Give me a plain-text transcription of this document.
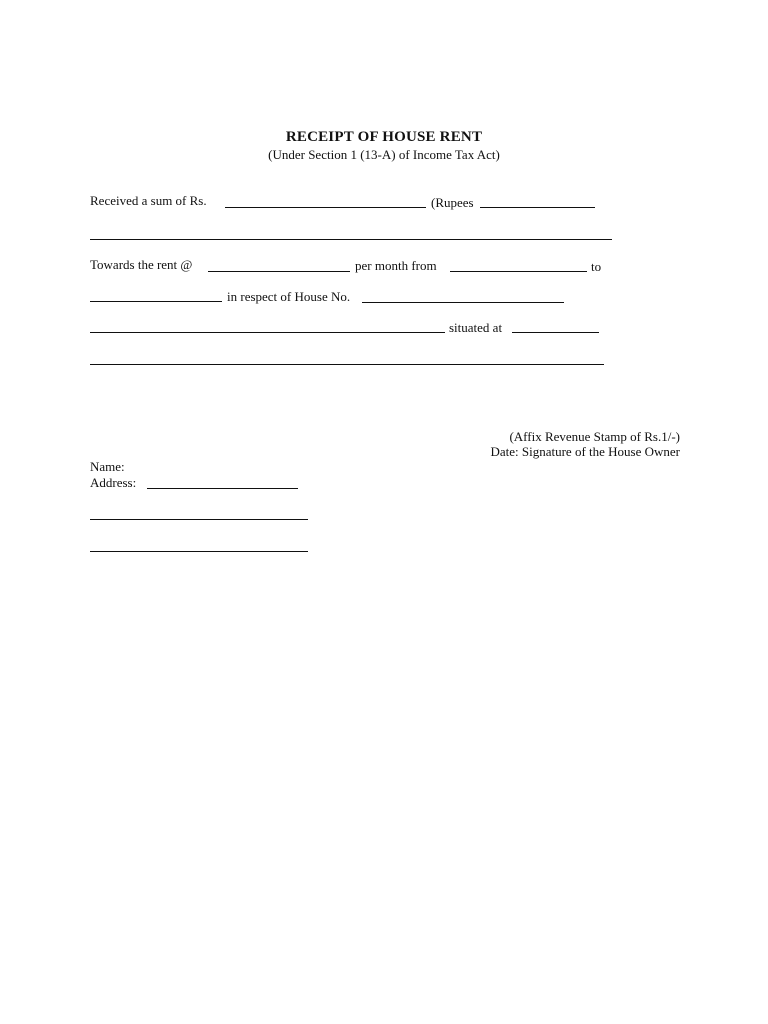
RECEIPT OF HOUSE RENT
(Under Section 1 (13-A) of Income Tax Act)
Received a sum of Rs.	(Rupees
Towards the rent @	per month from	to
in respect of House No.
situated at
(Affix Revenue Stamp of Rs.1/-)
Date: Signature of the House Owner
Name:
Address:
